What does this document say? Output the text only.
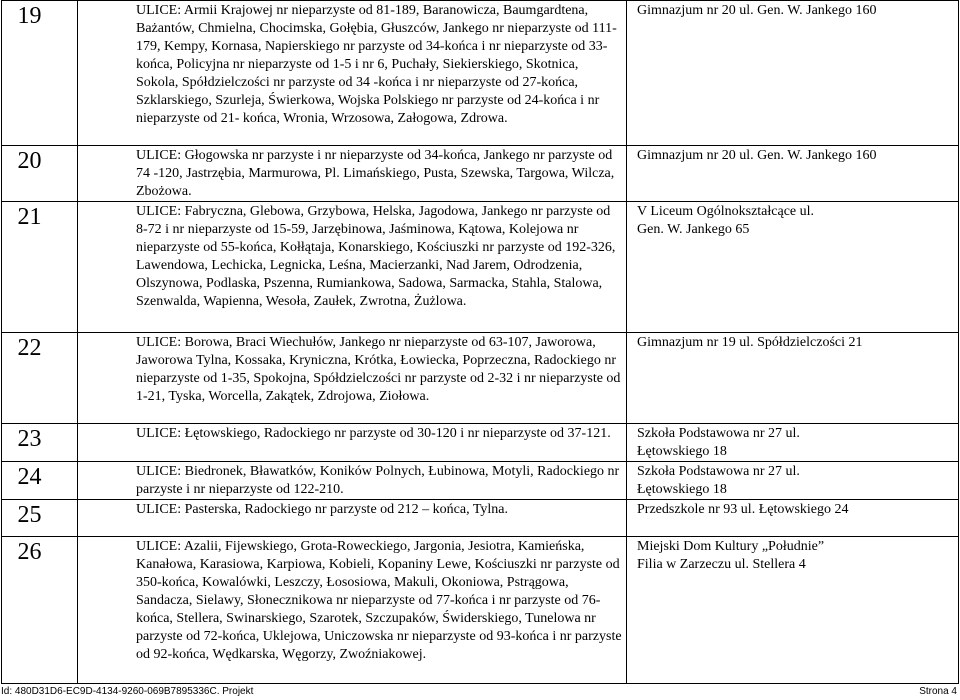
19	ULICE: Armii Krajowej nr nieparzyste od 81-189, Baranowicza, Baumgardtena, Bażantów, Chmielna, Chocimska, Gołębia, Głuszców, Jankego nr nieparzyste od 111-179, Kempy, Kornasa, Napierskiego nr parzyste od 34-końca i nr nieparzyste od 33-końca, Policyjna nr nieparzyste od 1-5 i nr 6, Puchały, Siekierskiego, Skotnica, Sokola, Spółdzielczości nr parzyste od 34 -końca i nr nieparzyste od 27-końca, Szklarskiego, Szurleja, Świerkowa, Wojska Polskiego nr parzyste od 24-końca i nr nieparzyste od 21- końca, Wronia, Wrzosowa, Załogowa, Zdrowa.	Gimnazjum nr 20 ul. Gen. W. Jankego 160
20	ULICE: Głogowska nr parzyste i nr nieparzyste od 34-końca, Jankego nr parzyste od 74 -120, Jastrzębia, Marmurowa, Pl. Limańskiego, Pusta, Szewska, Targowa, Wilcza, Zbożowa.	Gimnazjum nr 20 ul. Gen. W. Jankego 160
21	ULICE: Fabryczna, Glebowa, Grzybowa, Helska, Jagodowa, Jankego nr parzyste od 8-72 i nr nieparzyste od 15-59, Jarzębinowa, Jaśminowa, Kątowa, Kolejowa nr nieparzyste od 55-końca, Kołłątaja, Konarskiego, Kościuszki nr parzyste od 192-326, Lawendowa, Lechicka, Legnicka, Leśna, Macierzanki, Nad Jarem, Odrodzenia, Olszynowa, Podlaska, Pszenna, Rumiankowa, Sadowa, Sarmacka, Stahla, Stalowa, Szenwalda, Wapienna, Wesoła, Zaułek, Zwrotna, Żużlowa.	V Liceum Ogólnokształcące ul. Gen. W. Jankego 65

22	ULICE: Borowa, Braci Wiechułów, Jankego nr nieparzyste od 63-107, Jaworowa, Jaworowa Tylna, Kossaka, Kryniczna, Krótka, Łowiecka, Poprzeczna, Radockiego nr nieparzyste od 1-35, Spokojna, Spółdzielczości nr parzyste od 2-32 i nr nieparzyste od 1-21, Tyska, Worcella, Zakątek, Zdrojowa, Ziołowa.	Gimnazjum nr 19 ul. Spółdzielczości 21
23	ULICE: Łętowskiego, Radockiego nr parzyste od 30-120 i nr nieparzyste od 37-121.	Szkoła Podstawowa nr 27 ul. Łętowskiego 18

24	ULICE: Biedronek, Bławatków, Koników Polnych, Łubinowa, Motyli, Radockiego nr parzyste i nr nieparzyste od 122-210.	Szkoła Podstawowa nr 27 ul. Łętowskiego 18

25	ULICE: Pasterska, Radockiego nr parzyste od 212 – końca, Tylna.	Przedszkole nr 93 ul. Łętowskiego 24
26	ULICE: Azalii, Fijewskiego, Grota-Roweckiego, Jargonia, Jesiotra, Kamieńska, Kanałowa, Karasiowa, Karpiowa, Kobieli, Kopaniny Lewe, Kościuszki nr parzyste od 350-końca, Kowalówki, Leszczy, Łososiowa, Makuli, Okoniowa, Pstrągowa, Sandacza, Sielawy, Słonecznikowa nr nieparzyste od 77-końca i nr parzyste od 76-końca, Stellera, Swinarskiego, Szarotek, Szczupaków, Świderskiego, Tunelowa nr parzyste od 72-końca, Uklejowa, Uniczowska nr nieparzyste od 93-końca i nr parzyste od 92-końca, Wędkarska, Węgorzy, Zwoźniakowej.	Miejski Dom Kultury „Południe” Filia w Zarzeczu ul. Stellera 4
Id: 480D31D6-EC9D-4134-9260-069B7895336C. Projekt	Strona 4
